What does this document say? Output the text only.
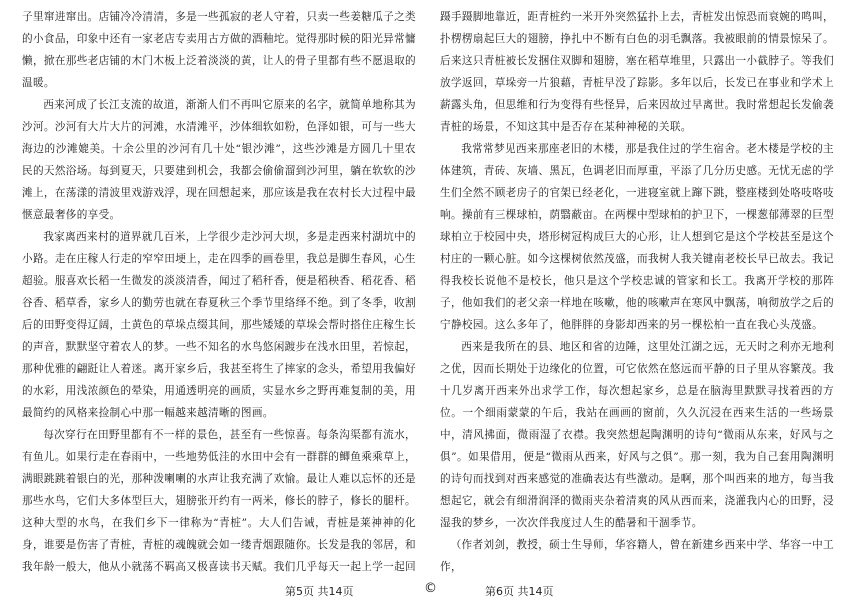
子里窜进窜出。店铺冷冷清清，多是一些孤寂的老人守着，只卖一些姜糖瓜子之类的小食品，印象中还有一家老店专卖用古方做的酒釉坨。觉得那时候的阳光异常慵懒，掀在那些老店铺的木门木板上泛着淡淡的黄，让人的骨子里都有些不愿退取的温暖。

西来河成了长江支流的故道，渐渐人们不再叫它原来的名字，就简单地称其为沙河。沙河有大片大片的河滩，水清滩平，沙体细软如粉，色泽如银，可与一些大海边的沙滩媲美。十余公里的沙河有几十处“银沙滩”，这些沙滩是方圆几十里农民的天然浴场。每到夏天，只要建到机会，我都会偷偷溜到沙河里，躺在软软的沙滩上，在荡漾的清波里戏游戏浮，现在回想起来，那应该是我在农村长大过程中最惬意最奢侈的享受。

我家离西来村的道界就几百米，上学很少走沙河大坝，多是走西来村湖坑中的小路。走在庄稼人行走的窄窄田埂上，走在四季的画卷里，我总是脚生春风，心生超验。服喜欢长稻一生微发的淡淡清香，闻过了稻秆香，便是稻秧香、稻花香、稻谷香、稻草香，家乡人的勤劳也就在春夏秋三个季节里络绎不绝。到了冬季，收割后的田野变得辽阔，土黄色的草垛点缀其间，那些矮矮的草垛会帮时搭住庄稼生长的声音，默默坚守着农人的梦。一些不知名的水鸟悠闲踱步在浅水田里，若惊起，那种优雅的翩跹让人着迷。离开家乡后，我甚至将生了摔家的念头，希望用我偏好的水彩，用浅浓颜色的晕染，用通透明亮的画质，实显水乡之野再难复制的美，用最简约的风格来捡制心中那一幅越来越清晰的图画。

每次穿行在田野里都有不一样的景色，甚至有一些惊喜。每条沟渠都有流水，有鱼儿。如果行走在春雨中，一些地势低洼的水田中会有一群群的鲫鱼乘乘草上，满眼跳跳着银白的光，那种泼喇喇的水声让我充满了欢愉。最让人难以忘怀的还是那些水鸟，它们大多体型巨大，翅膀张开约有一两米，修长的脖子，修长的腿杆。这种大型的水鸟，在我们乡下一律称为“青桩”。大人们告诫，青桩是莱神神的化身，谁要是伤害了青桩，青桩的魂魄就会如一缕青烟跟随你。长发是我的邻居，和我年龄一般大，他从小就荡不羁高又极喜读书天赋。我们几乎每天一起上学一起回

蹑手蹑脚地靠近，距青桩约一米开外突然猛扑上去，青桩发出惊恐而衰婉的鸣叫，扑楞楞扇起巨大的翅膀，挣扎中不断有白色的羽毛飘落。我被眼前的情景惊呆了。后来这只青桩被长发捆住双脚和翅膀，塞在稻草堆里，只露出一小截脖子。等我们放学返回，草垛旁一片狼藉，青桩早没了踪影。多年以后，长发已在事业和学术上薪露头角，但思维和行为变得有些怪异，后来因故过早离世。我时常想起长发偷袭青桩的场景，不知这其中是否存在某种神秘的关联。

我常常梦见西来那座老旧的木楼，那是我住过的学生宿舍。老木楼是学校的主体建筑，青砖、灰墙、黑瓦，色调老旧而厚重，平添了几分历史感。无忧无虑的学生们全然不顾老房子的官架已经老化，一进寝室就上蹿下跳，整座楼到处咯吱咯吱响。操前有三棵球柏，荫翳蔽亩。在两棵中型球柏的护卫下，一棵葱郁薄翠的巨型球柏立于校园中央，塔形树冠构成巨大的心形，让人想到它是这个学校甚至是这个村庄的一颗心脏。如今这棵树依然茂盛，而我树人我关键南老校长早已故去。我记得我校长说他不是校长，他只是这个学校忠诚的管家和长工。我离开学校的那阵子，他如我们的老父亲一样地在咳嗽，他的咳嗽声在寒风中飘荡，响彻放学之后的宁静校园。这么多年了，他胖胖的身影却西来的另一棵松柏一直在我心头茂盛。

西来是我所在的县、地区和省的边陲，这里处江湖之远，无天时之利亦无地利之优，因而长期处于边缘化的位置，可它依然在悠远而平静的日子里从容繁茂。我十几岁离开西来外出求学工作，每次想起家乡，总是在脑海里默默寻找着西的方位。一个细雨蒙蒙的午后，我站在画画的窗前，久久沉浸在西来生活的一些场景中，清风拂面，微雨湿了衣襟。我突然想起陶渊明的诗句“微雨从东来，好风与之俱”。如果借用，便是“微雨从西来，好风与之俱”。那一刻，我为自己套用陶渊明的诗句而找到对西来感觉的准确表达有些激动。是啊，那个叫西来的地方，每当我想起它，就会有细滑润泽的微雨夹杂着清爽的风从西而来，浇灌我内心的田野，浸湿我的梦乡，一次次伴我度过人生的酷暑和干涸季节。

（作者刘剑，教授，硕士生导师，华容籍人，曾在新建乡西来中学、华容一中工作，

第5页 共14页	©	第6页 共14页
